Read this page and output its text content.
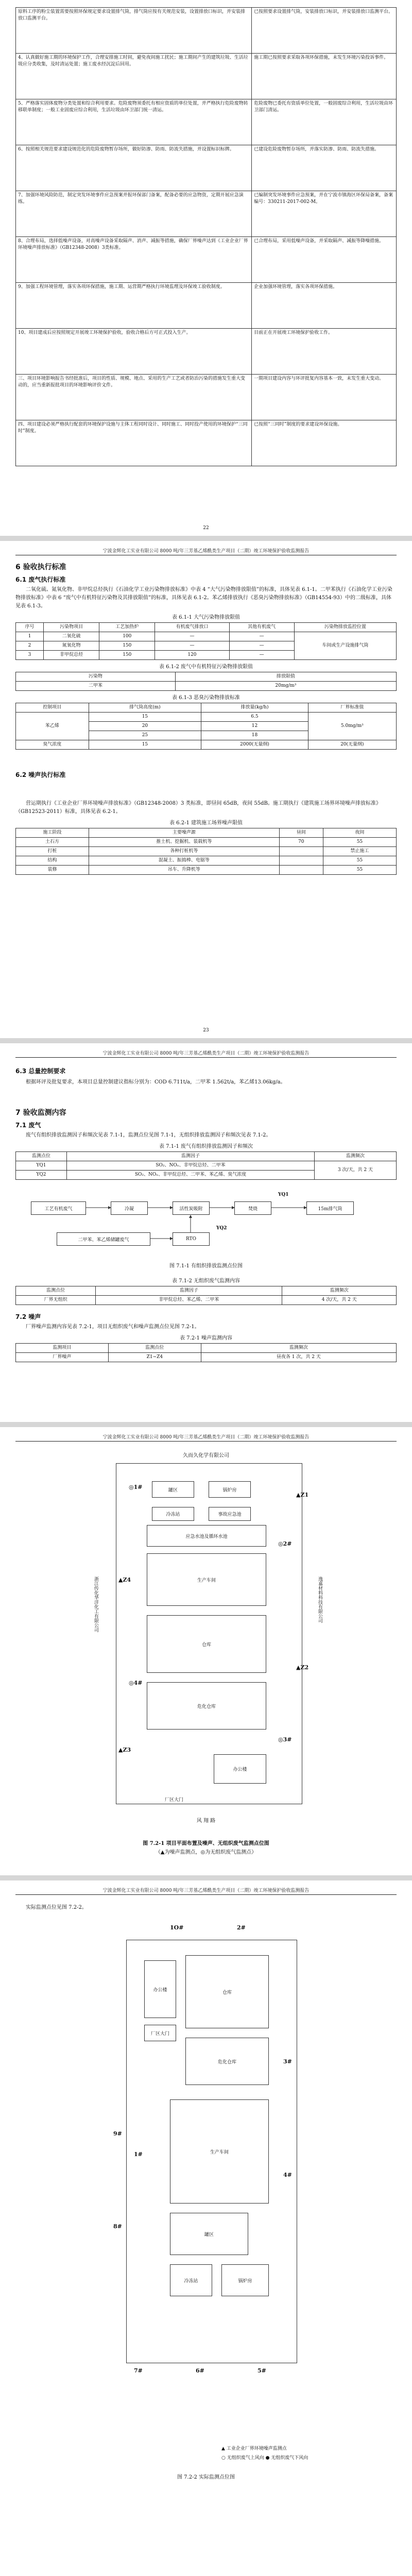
原料工序的粉尘装置需要按照环保规定要求设置排气筒，排气筒应按有关规范安装，设置排放口标识，并安装排放口监测平台。	已按照要求设置排气筒，安装排放口标识，并安装排放口监测平台。
4、认真做好施工期的环境保护工作，合理安排施工时间，避免夜间施工扰民；施工期间产生的建筑垃圾、生活垃圾应分类收集，及时清运处置；施工废水经沉淀后回用。	施工期已按照要求采取各项环保措施，未发生环境污染投诉事件。
5、严格落实固体废物分类处置和综合利用要求。危险废物须委托有相应资质的单位处置，并严格执行危险废物转移联单制度；一般工业固废应综合利用，生活垃圾由环卫部门统一清运。	危险废物已委托有资质单位处置，一般固废综合利用，生活垃圾由环卫部门清运。
6、按照相关规范要求建设规范化的危险废物暂存场所，做好防渗、防雨、防流失措施，并设置标识标牌。	已建设危险废物暂存场所，并落实防渗、防雨、防流失措施。
7、加强环境风险防范，制定突发环境事件应急预案并报环保部门备案，配备必要的应急物资，定期开展应急演练。	已编制突发环境事件应急预案，并在宁波市镇海区环保局备案，备案编号：330211-2017-002-M。
8、合理布局，选择低噪声设备，对高噪声设备采取隔声、消声、减振等措施，确保厂界噪声达到《工业企业厂界环境噪声排放标准》（GB12348-2008）3类标准。	已合理布局，采用低噪声设备，并采取隔声、减振等降噪措施。
9、加强工程环境管理，落实各项环保措施，施工期、运营期严格执行环境监理及环保竣工验收制度。	企业加强环境管理，落实各项环保措施。
10、项目建成后应按照规定开展竣工环境保护验收，验收合格后方可正式投入生产。	目前正在开展竣工环境保护验收工作。
三、项目环境影响报告书经批准后，项目的性质、规模、地点、采用的生产工艺或者防治污染的措施发生重大变动的，应当重新报批项目的环境影响评价文件。	一期项目建设内容与环评批复内容基本一致，未发生重大变动。
四、项目建设必须严格执行配套的环境保护设施与主体工程同时设计、同时施工、同时投产使用的环境保护“三同时”制度。	已按照“三同时”制度的要求建设环保设施。
22
宁波金辉化工实业有限公司 8000 吨/年三芳基乙烯酰类生产项目（二期）竣工环境保护验收监测报告
6 验收执行标准
6.1 废气执行标准

二氧化硫、氮氧化物、非甲烷总烃执行《石油化学工业污染物排放标准》中表 4 “大气污染物排放限值”的标准，具体见表 6.1-1。二甲苯执行《石油化学工业污染物排放标准》中表 6 “废气中有机特征污染物及其排放限值”的标准，具体见表 6.1-2。苯乙烯排放执行《恶臭污染物排放标准》（GB14554-93）中的二级标准，具体见表 6.1-3。

表 6.1-1 大气污染物排放限值
序号	污染物项目	工艺加热炉	有机废气排放口	其他有机废气	污染物排放监控位置
1	二氧化硫	100	—	—	车间或生产设施排气筒
2	氮氧化物	150	—	—	
3	非甲烷总烃	150	120	—	
表 6.1-2 废气中有机特征污染物排放限值
污染物	排放限值
二甲苯	20mg/m³
表 6.1-3 恶臭污染物排放标准
控制项目	排气筒高度(m)	排放量(kg/h)	厂界标准值
苯乙烯	15	6.5	5.0mg/m³
	20	12	
	25	18	
臭气浓度	15	2000(无量纲)	20(无量纲)
6.2 噪声执行标准

营运期执行《工业企业厂界环境噪声排放标准》（GB12348-2008）3 类标准，即昼间 65dB，夜间 55dB。施工期执行《建筑施工场界环境噪声排放标准》（GB12523-2011）标准，具体见表 6.2-1。

表 6.2-1 建筑施工场界噪声限值
施工阶段	主要噪声源	昼间	夜间
土石方	推土机、挖掘机、装载机等	70	55
打桩	各种打桩机等		禁止施工
结构	混凝土、振捣棒、电锯等		55
装修	吊车、升降机等		55
23
宁波金辉化工实业有限公司 8000 吨/年三芳基乙烯酰类生产项目（二期）竣工环境保护验收监测报告
6.3 总量控制要求

根据环评及批复要求，本项目总量控制建议指标分别为：COD 6.711t/a，二甲苯 1.562t/a，苯乙烯13.06kg/a。

7 验收监测内容
7.1 废气

废气有组织排放监测因子和频次见表 7.1-1，监测点位见图 7.1-1，无组织排放监测因子和频次见表 7.1-2。

表 7.1-1 废气有组织排放监测因子和频次
监测点位	监测因子	监测频次
YQ1	SO₂、NOₓ、非甲烷总烃、二甲苯	3 次/天，共 2 天
YQ2	SO₂、NOₓ、非甲烷总烃、二甲苯、苯乙烯、臭气浓度	
工艺有机废气	冷凝	活性炭吸附	焚烧	15m排气筒
二甲苯、苯乙烯储罐废气	RTO
YQ1
YQ2
图 7.1-1 有组织排放监测点位图
表 7.1-2 无组织废气监测内容
监测点位	监测因子	监测频次
厂界无组织	非甲烷总烃、苯乙烯、二甲苯	4 次/天，共 2 天
7.2 噪声

厂界噪声监测内容见表 7.2-1，项目无组织废气和噪声监测点位见图 7.2-1。

表 7.2-1 噪声监测内容
监测项目	监测点位	监测频次
厂界噪声	Z1~Z4	昼夜各 1 次，共 2 天
宁波金辉化工实业有限公司 8000 吨/年三芳基乙烯酰类生产项目（二期）竣工环境保护验收监测报告
久而久化学有限公司
浙江传化华洋化工有限公司	逸嘉材料科技有限公司
罐区	锅炉房
冷冻站	事故应急池
应急水池及循环水池
生产车间
仓库
危化仓库
办公楼
厂区大门
风 翔 路
▲Z1
▲Z2
▲Z3
▲Z4
◎1#
◎2#
◎3#
◎4#
图 7.2-1 项目平面布置及噪声、无组织废气监测点位图
（▲为噪声监测点，◎为无组织废气监测点）
宁波金辉化工实业有限公司 8000 吨/年三芳基乙烯酰类生产项目（二期）竣工环境保护验收监测报告

实际监测点位见图 7.2-2。

办公楼
厂区大门
仓库
危化仓库
生产车间
罐区
冷冻站	锅炉房
1O#	2#
3#
4#
5#
6#
7#
8#
9#
1#
▲ 工业企业厂界环境噪声监测点
○ 无组织废气上风向 ● 无组织废气下风向
图 7.2-2 实际监测点位图
